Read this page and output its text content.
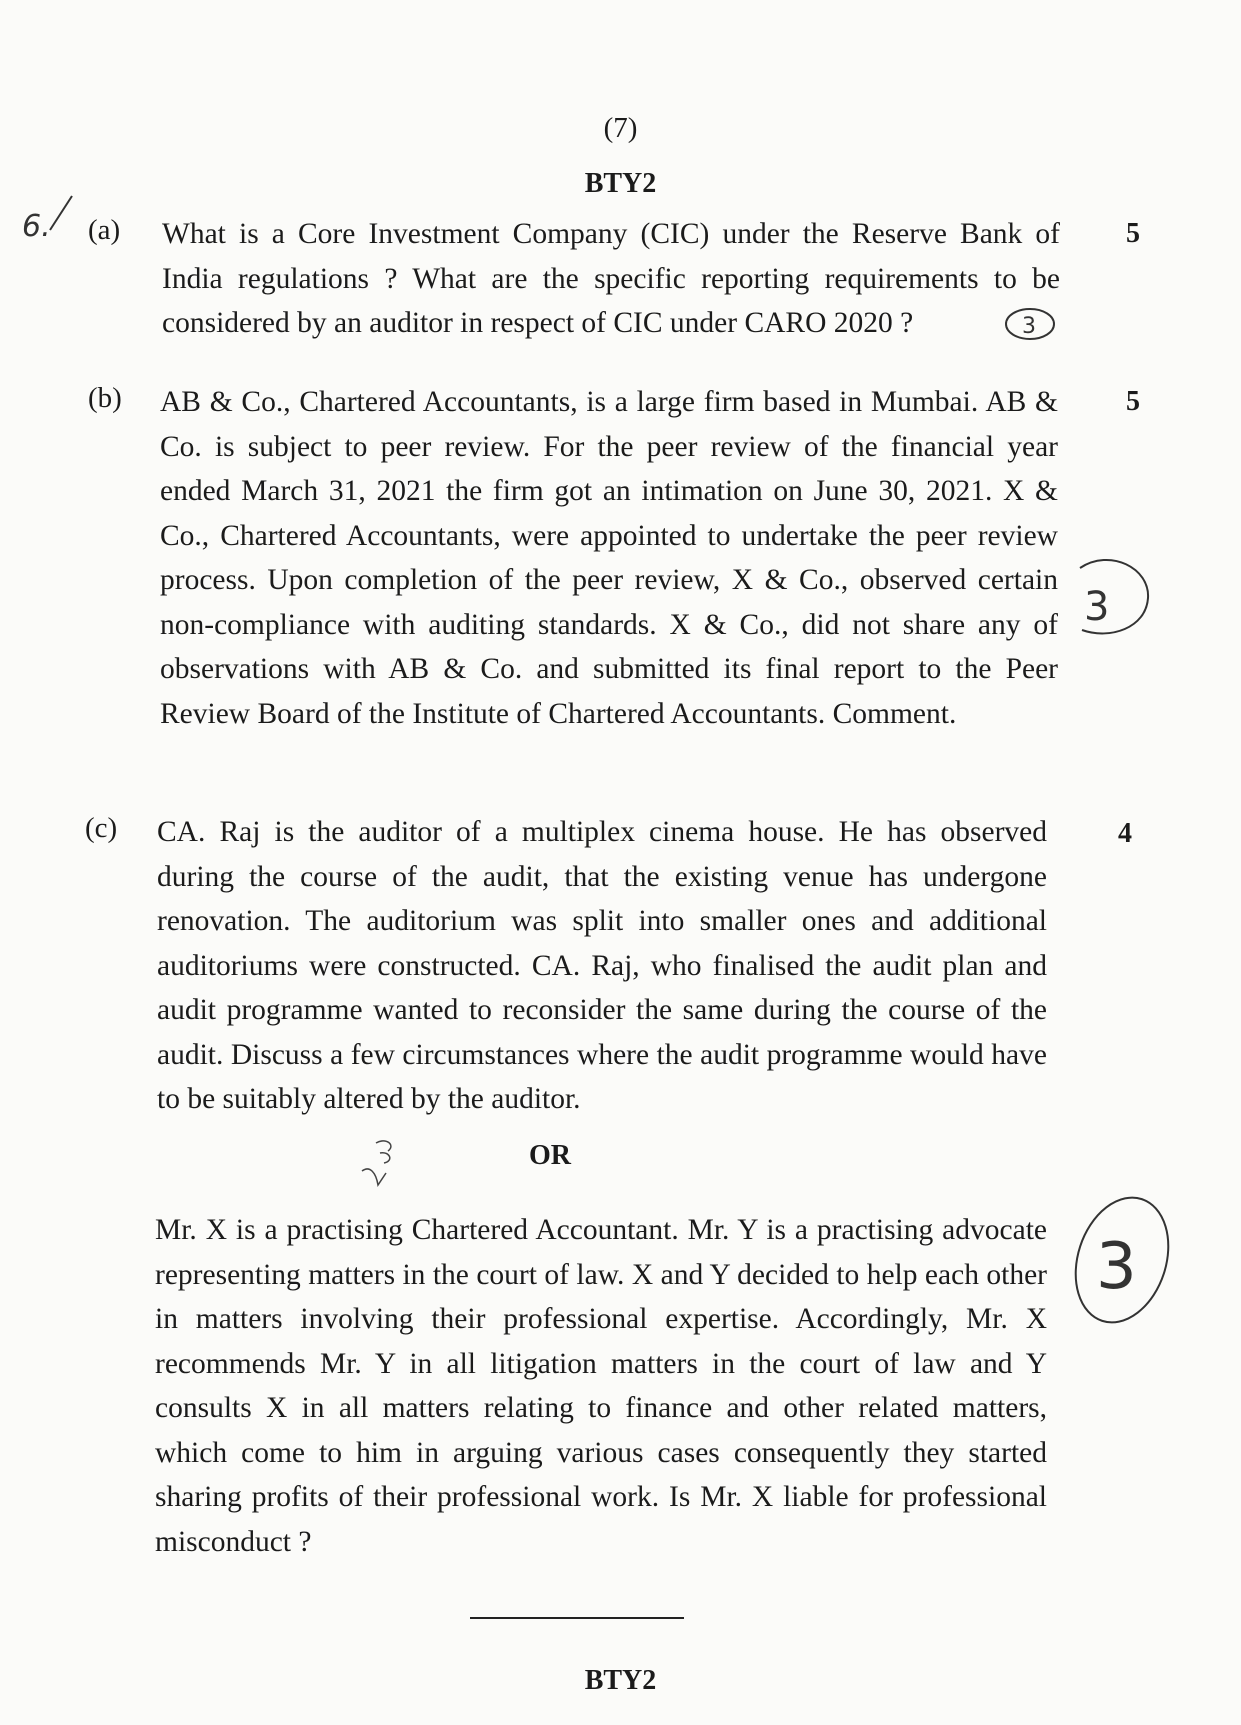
(7)
BTY2
6. (a) What is a Core Investment Company (CIC) under the Reserve Bank of India regulations ? What are the specific reporting requirements to be considered by an auditor in respect of CIC under CARO 2020 ?

5
(b) AB & Co., Chartered Accountants, is a large firm based in Mumbai. AB & Co. is subject to peer review. For the peer review of the financial year ended March 31, 2021 the firm got an intimation on June 30, 2021. X & Co., Chartered Accountants, were appointed to undertake the peer review process. Upon completion of the peer review, X & Co., observed certain non-compliance with auditing standards. X & Co., did not share any of observations with AB & Co. and submitted its final report to the Peer Review Board of the Institute of Chartered Accountants. Comment.

5
(c) CA. Raj is the auditor of a multiplex cinema house. He has observed during the course of the audit, that the existing venue has undergone renovation. The auditorium was split into smaller ones and additional auditoriums were constructed. CA. Raj, who finalised the audit plan and audit programme wanted to reconsider the same during the course of the audit. Discuss a few circumstances where the audit programme would have to be suitably altered by the auditor.

4
OR

Mr. X is a practising Chartered Accountant. Mr. Y is a practising advocate representing matters in the court of law. X and Y decided to help each other in matters involving their professional expertise. Accordingly, Mr. X recommends Mr. Y in all litigation matters in the court of law and Y consults X in all matters relating to finance and other related matters, which come to him in arguing various cases consequently they started sharing profits of their professional work. Is Mr. X liable for professional misconduct ?

3
3
3
BTY2
